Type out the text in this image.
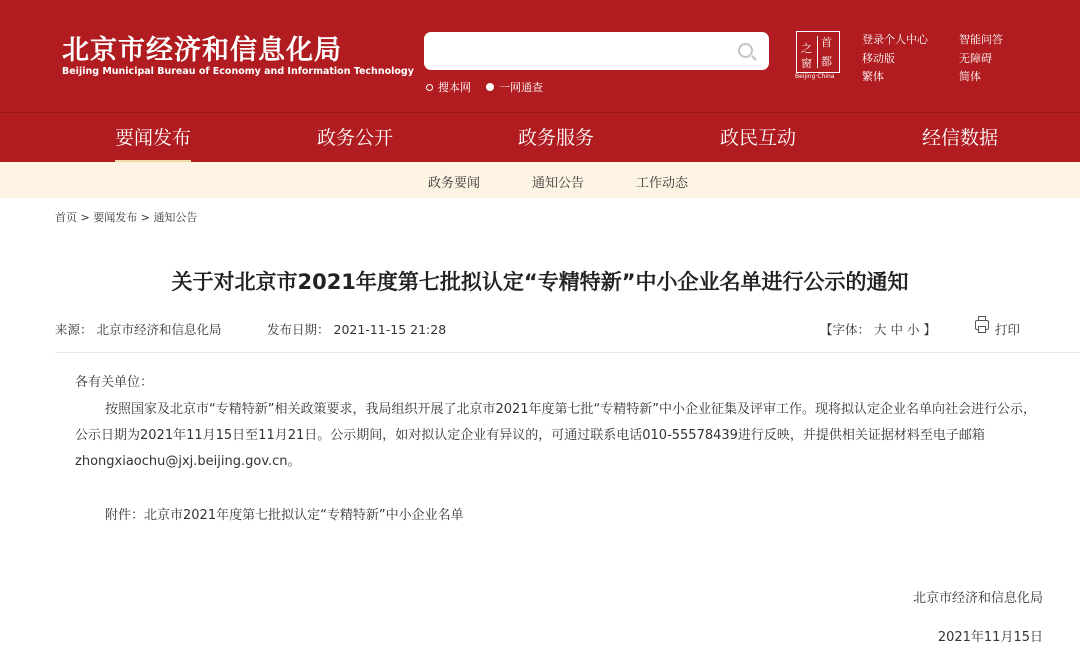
北京市经济和信息化局
Beijing Municipal Bureau of Economy and Information Technology
搜本网	一网通查
首
之
都
窗
Beijing·China
登录个人中心	智能问答
移动版	无障碍
繁体	简体
要闻发布	政务公开	政务服务	政民互动	经信数据
政务要闻	通知公告	工作动态
首页 > 要闻发布 > 通知公告
关于对北京市2021年度第七批拟认定“专精特新”中小企业名单进行公示的通知
来源： 北京市经济和信息化局	发布日期： 2021-11-15 21:28	【字体： 大 中 小 】	打印
各有关单位：

按照国家及北京市“专精特新”相关政策要求，我局组织开展了北京市2021年度第七批“专精特新”中小企业征集及评审工作。现将拟认定企业名单向社会进行公示，公示日期为2021年11月15日至11月21日。公示期间，如对拟认定企业有异议的，可通过联系电话010-55578439进行反映，并提供相关证据材料至电子邮箱zhongxiaochu@jxj.beijing.gov.cn。

附件：北京市2021年度第七批拟认定“专精特新”中小企业名单
北京市经济和信息化局
2021年11月15日
